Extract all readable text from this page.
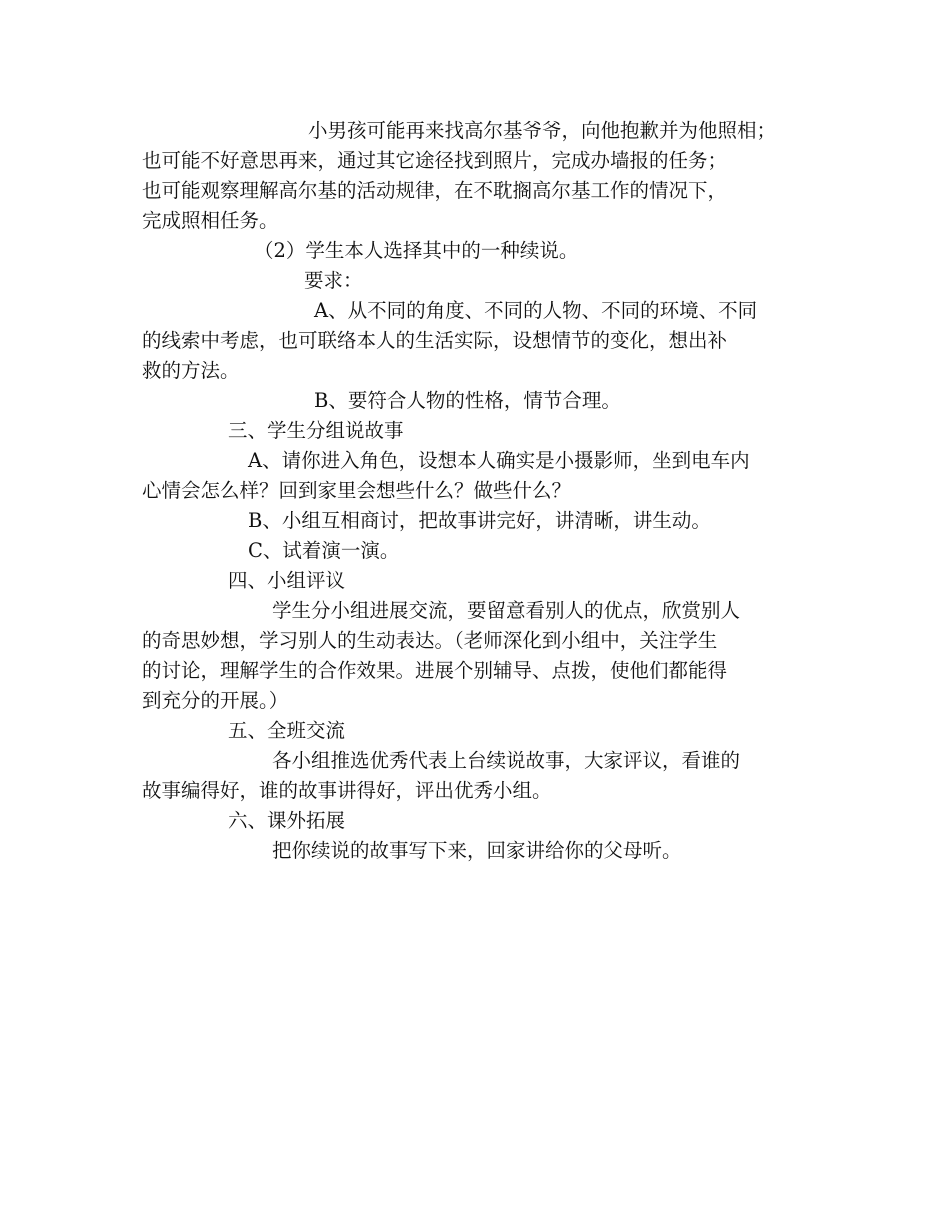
小男孩可能再来找高尔基爷爷，向他抱歉并为他照相；

也可能不好意思再来，通过其它途径找到照片，完成办墙报的任务；

也可能观察理解高尔基的活动规律，在不耽搁高尔基工作的情况下，

完成照相任务。

（2）学生本人选择其中的一种续说。

要求：

A、从不同的角度、不同的人物、不同的环境、不同

的线索中考虑，也可联络本人的生活实际，设想情节的变化，想出补

救的方法。

B、要符合人物的性格，情节合理。

三、学生分组说故事

A、请你进入角色，设想本人确实是小摄影师，坐到电车内

心情会怎么样？回到家里会想些什么？做些什么？

B、小组互相商讨，把故事讲完好，讲清晰，讲生动。

C、试着演一演。

四、小组评议

学生分小组进展交流，要留意看别人的优点，欣赏别人

的奇思妙想，学习别人的生动表达。（老师深化到小组中，关注学生

的讨论，理解学生的合作效果。进展个别辅导、点拨，使他们都能得

到充分的开展。）

五、全班交流

各小组推选优秀代表上台续说故事，大家评议，看谁的

故事编得好，谁的故事讲得好，评出优秀小组。

六、课外拓展

把你续说的故事写下来，回家讲给你的父母听。
